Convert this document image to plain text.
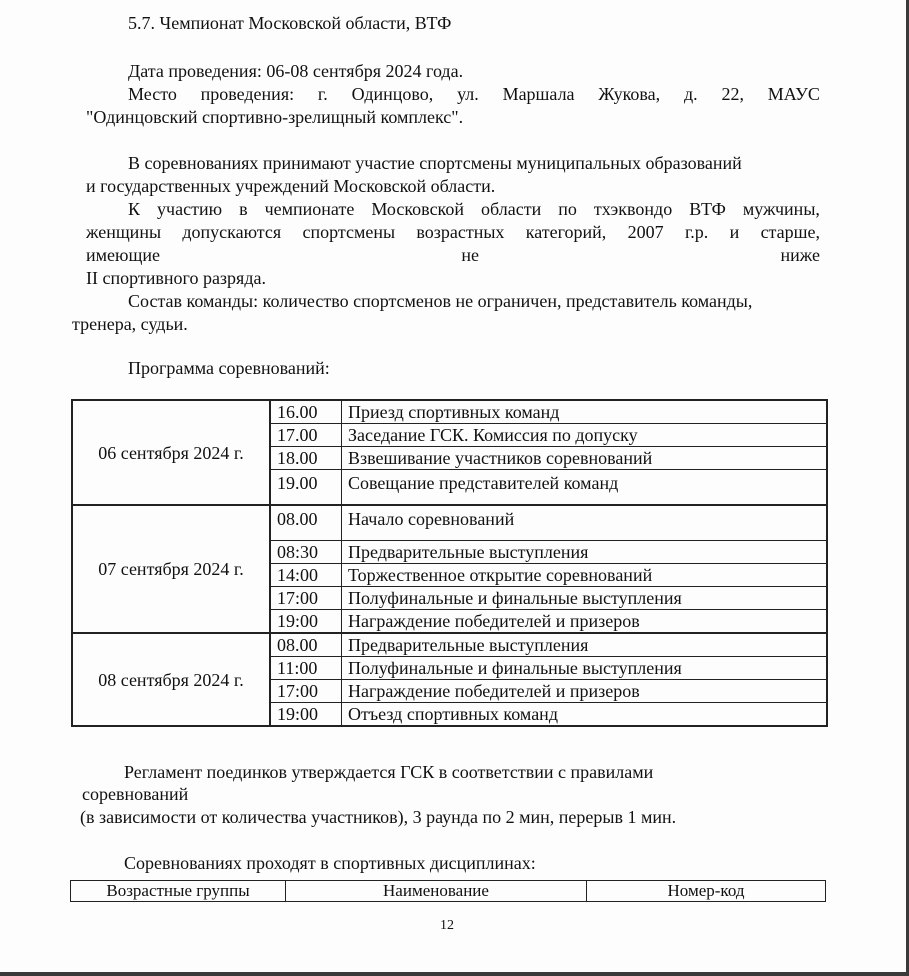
5.7. Чемпионат Московской области, ВТФ
Дата проведения: 06-08 сентября 2024 года.
Место проведения: г. Одинцово, ул. Маршала Жукова, д. 22, МАУС
"Одинцовский спортивно-зрелищный комплекс".
В соревнованиях принимают участие спортсмены муниципальных образований
и государственных учреждений Московской области.
К участию в чемпионате Московской области по тхэквондо ВТФ мужчины,
женщины допускаются спортсмены возрастных категорий, 2007 г.р. и старше,
имеющие	не	ниже
II спортивного разряда.
Состав команды: количество спортсменов не ограничен, представитель команды,
тренера, судьи.
Программа соревнований:
06 сентября 2024 г.	16.00	Приезд спортивных команд
	17.00	Заседание ГСК. Комиссия по допуску
	18.00	Взвешивание участников соревнований
	19.00	Совещание представителей команд
07 сентября 2024 г.	08.00	Начало соревнований
	08:30	Предварительные выступления
	14:00	Торжественное открытие соревнований
	17:00	Полуфинальные и финальные выступления
	19:00	Награждение победителей и призеров
08 сентября 2024 г.	08.00	Предварительные выступления
	11:00	Полуфинальные и финальные выступления
	17:00	Награждение победителей и призеров
	19:00	Отъезд спортивных команд
Регламент поединков утверждается ГСК в соответствии с правилами
соревнований
(в зависимости от количества участников), 3 раунда по 2 мин, перерыв 1 мин.
Соревнованиях проходят в спортивных дисциплинах:
Возрастные группы	Наименование	Номер-код
12
